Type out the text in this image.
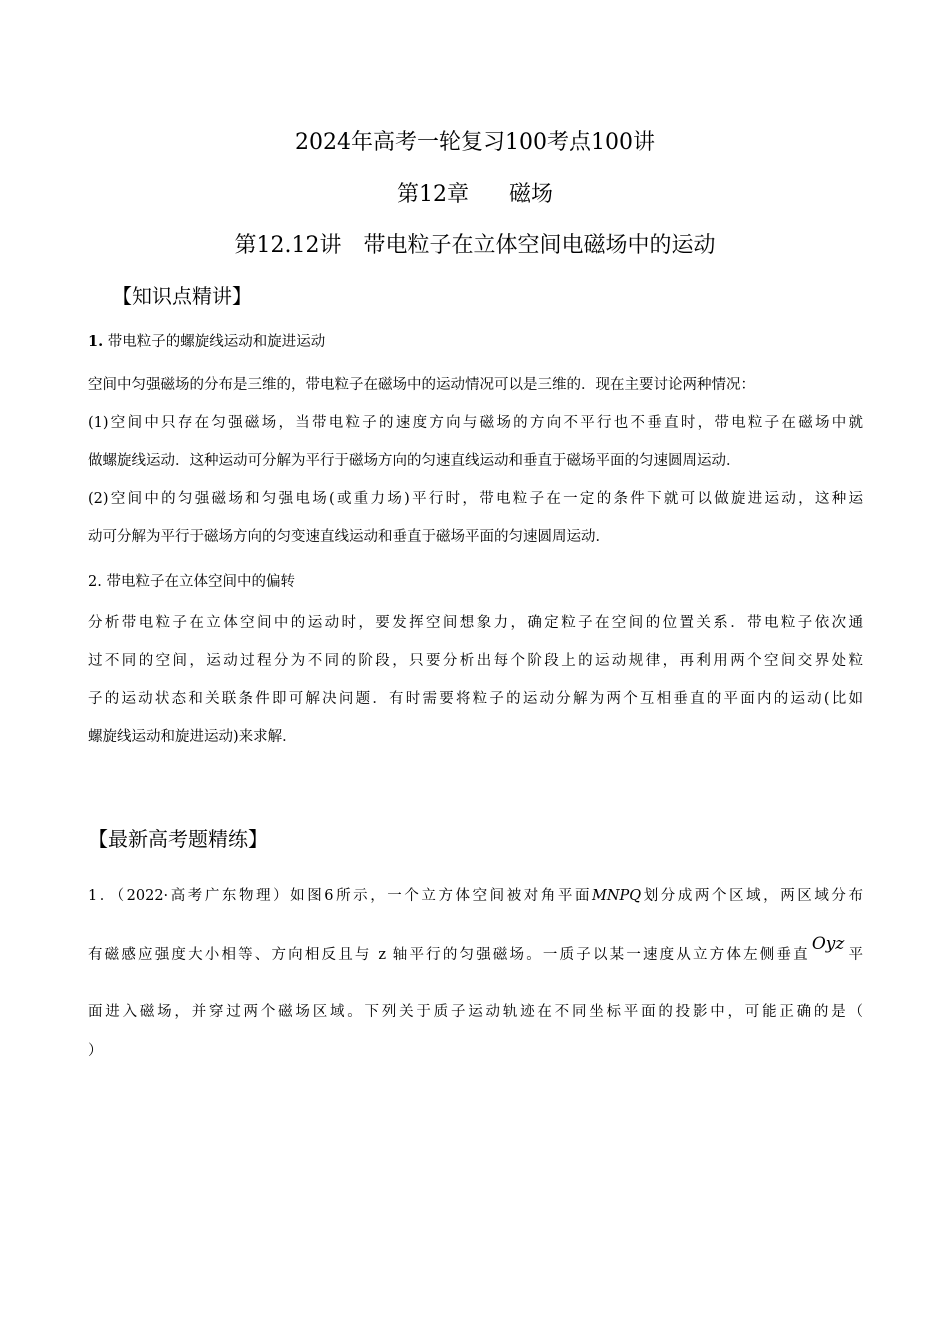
2024年高考一轮复习100考点100讲
第12章 磁场
第12.12讲　带电粒子在立体空间电磁场中的运动
【知识点精讲】
1. 带电粒子的螺旋线运动和旋进运动
空间中匀强磁场的分布是三维的，带电粒子在磁场中的运动情况可以是三维的．现在主要讨论两种情况：
(1)空间中只存在匀强磁场，当带电粒子的速度方向与磁场的方向不平行也不垂直时，带电粒子在磁场中就
做螺旋线运动．这种运动可分解为平行于磁场方向的匀速直线运动和垂直于磁场平面的匀速圆周运动．
(2)空间中的匀强磁场和匀强电场(或重力场)平行时，带电粒子在一定的条件下就可以做旋进运动，这种运
动可分解为平行于磁场方向的匀变速直线运动和垂直于磁场平面的匀速圆周运动．
2. 带电粒子在立体空间中的偏转
分析带电粒子在立体空间中的运动时，要发挥空间想象力，确定粒子在空间的位置关系．带电粒子依次通
过不同的空间，运动过程分为不同的阶段，只要分析出每个阶段上的运动规律，再利用两个空间交界处粒
子的运动状态和关联条件即可解决问题．有时需要将粒子的运动分解为两个互相垂直的平面内的运动(比如
螺旋线运动和旋进运动)来求解．
【最新高考题精练】
1．（2022·高考广东物理）如图6所示，一个立方体空间被对角平面MNPQ划分成两个区域，两区域分布
有磁感应强度大小相等、方向相反且与 z 轴平行的匀强磁场。一质子以某一速度从立方体左侧垂直Oyz平
面进入磁场，并穿过两个磁场区域。下列关于质子运动轨迹在不同坐标平面的投影中，可能正确的是（
）
